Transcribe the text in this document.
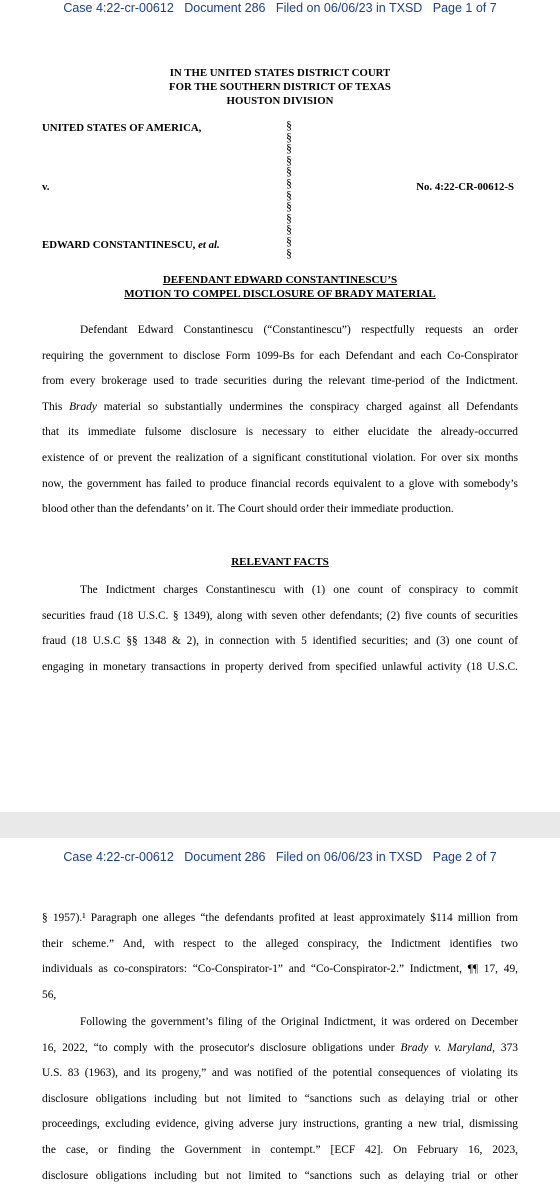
Case 4:22-cr-00612   Document 286   Filed on 06/06/23 in TXSD   Page 1 of 7
IN THE UNITED STATES DISTRICT COURT
FOR THE SOUTHERN DISTRICT OF TEXAS
HOUSTON DIVISION
UNITED STATES OF AMERICA,
v.
EDWARD CONSTANTINESCU, et al.
§
§
§
§
§
§
§
§
§
§
§
§
No. 4:22-CR-00612-S
DEFENDANT EDWARD CONSTANTINESCU’S
MOTION TO COMPEL DISCLOSURE OF BRADY MATERIAL
Defendant Edward Constantinescu (“Constantinescu”) respectfully requests an order
requiring the government to disclose Form 1099-Bs for each Defendant and each Co-Conspirator
from every brokerage used to trade securities during the relevant time-period of the Indictment.
This Brady material so substantially undermines the conspiracy charged against all Defendants
that its immediate fulsome disclosure is necessary to either elucidate the already-occurred
existence of or prevent the realization of a significant constitutional violation. For over six months
now, the government has failed to produce financial records equivalent to a glove with somebody’s
blood other than the defendants’ on it. The Court should order their immediate production.
RELEVANT FACTS
The Indictment charges Constantinescu with (1) one count of conspiracy to commit
securities fraud (18 U.S.C. § 1349), along with seven other defendants; (2) five counts of securities
fraud (18 U.S.C §§ 1348 & 2), in connection with 5 identified securities; and (3) one count of
engaging in monetary transactions in property derived from specified unlawful activity (18 U.S.C.
Case 4:22-cr-00612   Document 286   Filed on 06/06/23 in TXSD   Page 2 of 7
§ 1957).¹ Paragraph one alleges “the defendants profited at least approximately $114 million from
their scheme.” And, with respect to the alleged conspiracy, the Indictment identifies two
individuals as co-conspirators: “Co-Conspirator-1” and “Co-Conspirator-2.” Indictment, ¶¶ 17, 49,
56,
Following the government’s filing of the Original Indictment, it was ordered on December
16, 2022, “to comply with the prosecutor's disclosure obligations under Brady v. Maryland, 373
U.S. 83 (1963), and its progeny,” and was notified of the potential consequences of violating its
disclosure obligations including but not limited to “sanctions such as delaying trial or other
proceedings, excluding evidence, giving adverse jury instructions, granting a new trial, dismissing
the case, or finding the Government in contempt.” [ECF 42]. On February 16, 2023,
disclosure obligations including but not limited to “sanctions such as delaying trial or other
